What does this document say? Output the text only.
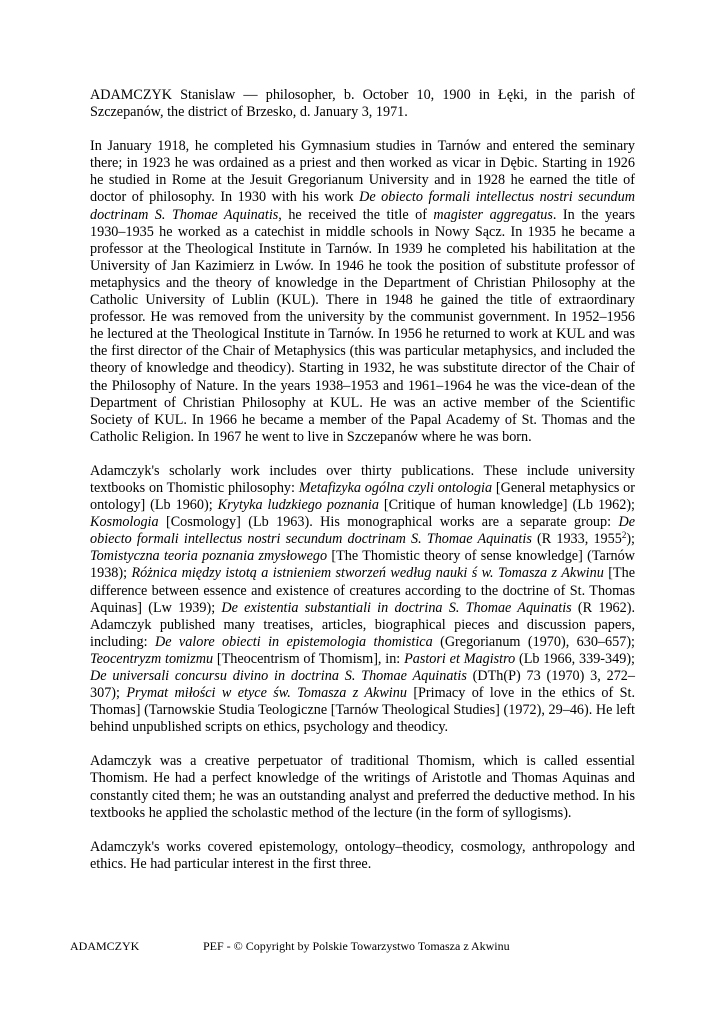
ADAMCZYK Stanislaw — philosopher, b. October 10, 1900 in Łęki, in the parish of Szczepanów, the district of Brzesko, d. January 3, 1971.

In January 1918, he completed his Gymnasium studies in Tarnów and entered the seminary there; in 1923 he was ordained as a priest and then worked as vicar in Dębic. Starting in 1926 he studied in Rome at the Jesuit Gregorianum University and in 1928 he earned the title of doctor of philosophy. In 1930 with his work De obiecto formali intellectus nostri secundum doctrinam S. Thomae Aquinatis, he received the title of magister aggregatus. In the years 1930–1935 he worked as a catechist in middle schools in Nowy Sącz. In 1935 he became a professor at the Theological Institute in Tarnów. In 1939 he completed his habilitation at the University of Jan Kazimierz in Lwów. In 1946 he took the position of substitute professor of metaphysics and the theory of knowledge in the Department of Christian Philosophy at the Catholic University of Lublin (KUL). There in 1948 he gained the title of extraordinary professor. He was removed from the university by the communist government. In 1952–1956 he lectured at the Theological Institute in Tarnów. In 1956 he returned to work at KUL and was the first director of the Chair of Metaphysics (this was particular metaphysics, and included the theory of knowledge and theodicy). Starting in 1932, he was substitute director of the Chair of the Philosophy of Nature. In the years 1938–1953 and 1961–1964 he was the vice-dean of the Department of Christian Philosophy at KUL. He was an active member of the Scientific Society of KUL. In 1966 he became a member of the Papal Academy of St. Thomas and the Catholic Religion. In 1967 he went to live in Szczepanów where he was born.

Adamczyk's scholarly work includes over thirty publications. These include university textbooks on Thomistic philosophy: Metafizyka ogólna czyli ontologia [General metaphysics or ontology] (Lb 1960); Krytyka ludzkiego poznania [Critique of human knowledge] (Lb 1962); Kosmologia [Cosmology] (Lb 1963). His monographical works are a separate group: De obiecto formali intellectus nostri secundum doctrinam S. Thomae Aquinatis (R 1933, 1955$^2$); Tomistyczna teoria poznania zmysłowego [The Thomistic theory of sense knowledge] (Tarnów 1938); Różnica między istotą a istnieniem stworzeń według nauki ś w. Tomasza z Akwinu [The difference between essence and existence of creatures according to the doctrine of St. Thomas Aquinas] (Lw 1939); De existentia substantiali in doctrina S. Thomae Aquinatis (R 1962). Adamczyk published many treatises, articles, biographical pieces and discussion papers, including: De valore obiecti in epistemologia thomistica (Gregorianum (1970), 630–657); Teocentryzm tomizmu [Theocentrism of Thomism], in: Pastori et Magistro (Lb 1966, 339-349); De universali concursu divino in doctrina S. Thomae Aquinatis (DTh(P) 73 (1970) 3, 272–307); Prymat miłości w etyce św. Tomasza z Akwinu [Primacy of love in the ethics of St. Thomas] (Tarnowskie Studia Teologiczne [Tarnów Theological Studies] (1972), 29–46). He left behind unpublished scripts on ethics, psychology and theodicy.

Adamczyk was a creative perpetuator of traditional Thomism, which is called essential Thomism. He had a perfect knowledge of the writings of Aristotle and Thomas Aquinas and constantly cited them; he was an outstanding analyst and preferred the deductive method. In his textbooks he applied the scholastic method of the lecture (in the form of syllogisms).

Adamczyk's works covered epistemology, ontology–theodicy, cosmology, anthropology and ethics. He had particular interest in the first three.

ADAMCZYK	PEF - © Copyright by Polskie Towarzystwo Tomasza z Akwinu
